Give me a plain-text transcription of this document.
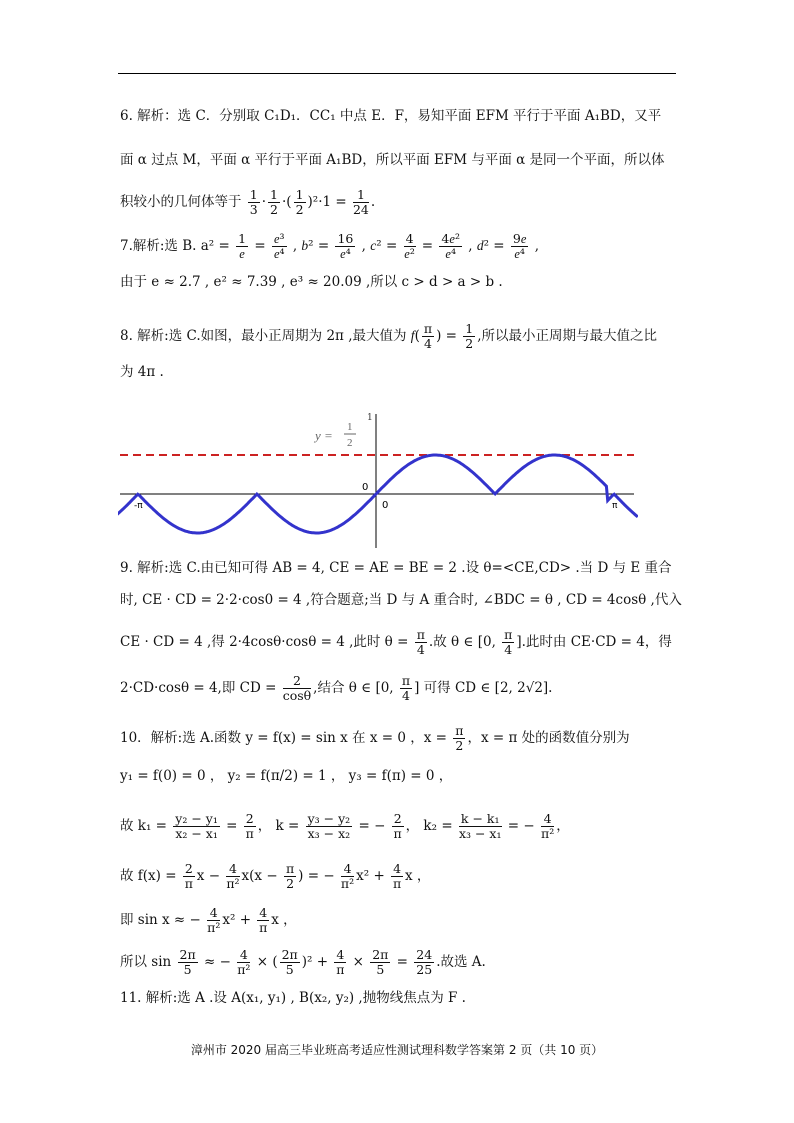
6. 解析：选 C．分别取 C₁D₁．CC₁ 中点 E．F，易知平面 EFM 平行于平面 A₁BD，又平
面 α 过点 M，平面 α 平行于平面 A₁BD，所以平面 EFM 与平面 α 是同一个平面，所以体
积较小的几何体等于 $\frac{1}{3} \cdot \frac{1}{2}$ ·( $\frac{1}{2} )^2\cdot 1 = \frac{1}{24}$ .
7.解析:选 B. $a^2 = \frac{1}{e} = \frac{\text{e³}}{\text{e⁴}}$ , $b^2 = \frac{16}{\text{e⁴}}$ , $c^2 = \frac{4}{\text{e²}} = \frac{\text{4e²}}{\text{e⁴}}$ , $d^2 = \frac{9e}{\text{e⁴}}$ ,
由于 e ≈ 2.7 , e² ≈ 7.39 , e³ ≈ 20.09 ,所以 c > d > a > b .
8. 解析:选 C.如图，最小正周期为 2π ,最大值为 $f( \frac{\pi}{4}$ ) = $\frac{1}{2}$ ,所以最小正周期与最大值之比
为 4π .
y =
1
2
1
0
0
-π	π
9. 解析:选 C.由已知可得 AB = 4, CE = AE = BE = 2 .设 θ=<CE,CD> .当 D 与 E 重合
时, CE · CD = 2·2·cos0 = 4 ,符合题意;当 D 与 A 重合时, ∠BDC = θ , CD = 4cosθ ,代入
CE · CD = 4 ,得 2·4cosθ·cosθ = 4 ,此时 $\theta = \frac{\pi}{4}$ .故 θ ∈ [0, $\frac{\pi}{4}$ ].此时由 CE·CD = 4，得
2·CD·cosθ = 4,即 CD = $\frac{2}{\cos\theta}$ ,结合 θ ∈ [0, $\frac{\pi}{4}$ ] 可得 CD ∈ [2, 2√2].
10．解析:选 A.函数 y = f(x) = sin x 在 x = 0 ，$x = \frac{\pi}{2}$ ，x = π 处的函数值分别为
y₁ = f(0) = 0 ， y₂ = f(π/2) = 1 ， y₃ = f(π) = 0 ，
故 $k_1 = \frac{\text{y₂ − y₁}}{\text{x₂ − x₁}} = \frac{2}{\pi}$ ， $k = \frac{\text{y₃ − y₂}}{\text{x₃ − x₂}}$ = − $\frac{2}{\pi}$ ， $k_2 = \frac{\text{k − k₁}}{\text{x₃ − x₁}}$ = − $\frac{4}{\text{π²}}$ ，
故 $f(x) = \frac{2}{\pi}$ $x - \frac{4}{\text{π²}} x(x - \frac{\pi}{2}$ ) = − $\frac{4}{\text{π²}} x^2 + \frac{4}{\pi}$ x ，
即 sin x ≈ − $\frac{4}{\text{π²}} x^2 + \frac{4}{\pi}$ x ，
所以 $\sin \frac{2\pi}{5}$ ≈ − $\frac{4}{\text{π²}}$ × ( $\frac{2\pi}{5} )^2 + \frac{4}{\pi} \times \frac{2\pi}{5} = \frac{24}{25}$ .故选 A.
11. 解析:选 A .设 A(x₁, y₁) , B(x₂, y₂) ,抛物线焦点为 F .
漳州市 2020 届高三毕业班高考适应性测试理科数学答案第 2 页（共 10 页）
